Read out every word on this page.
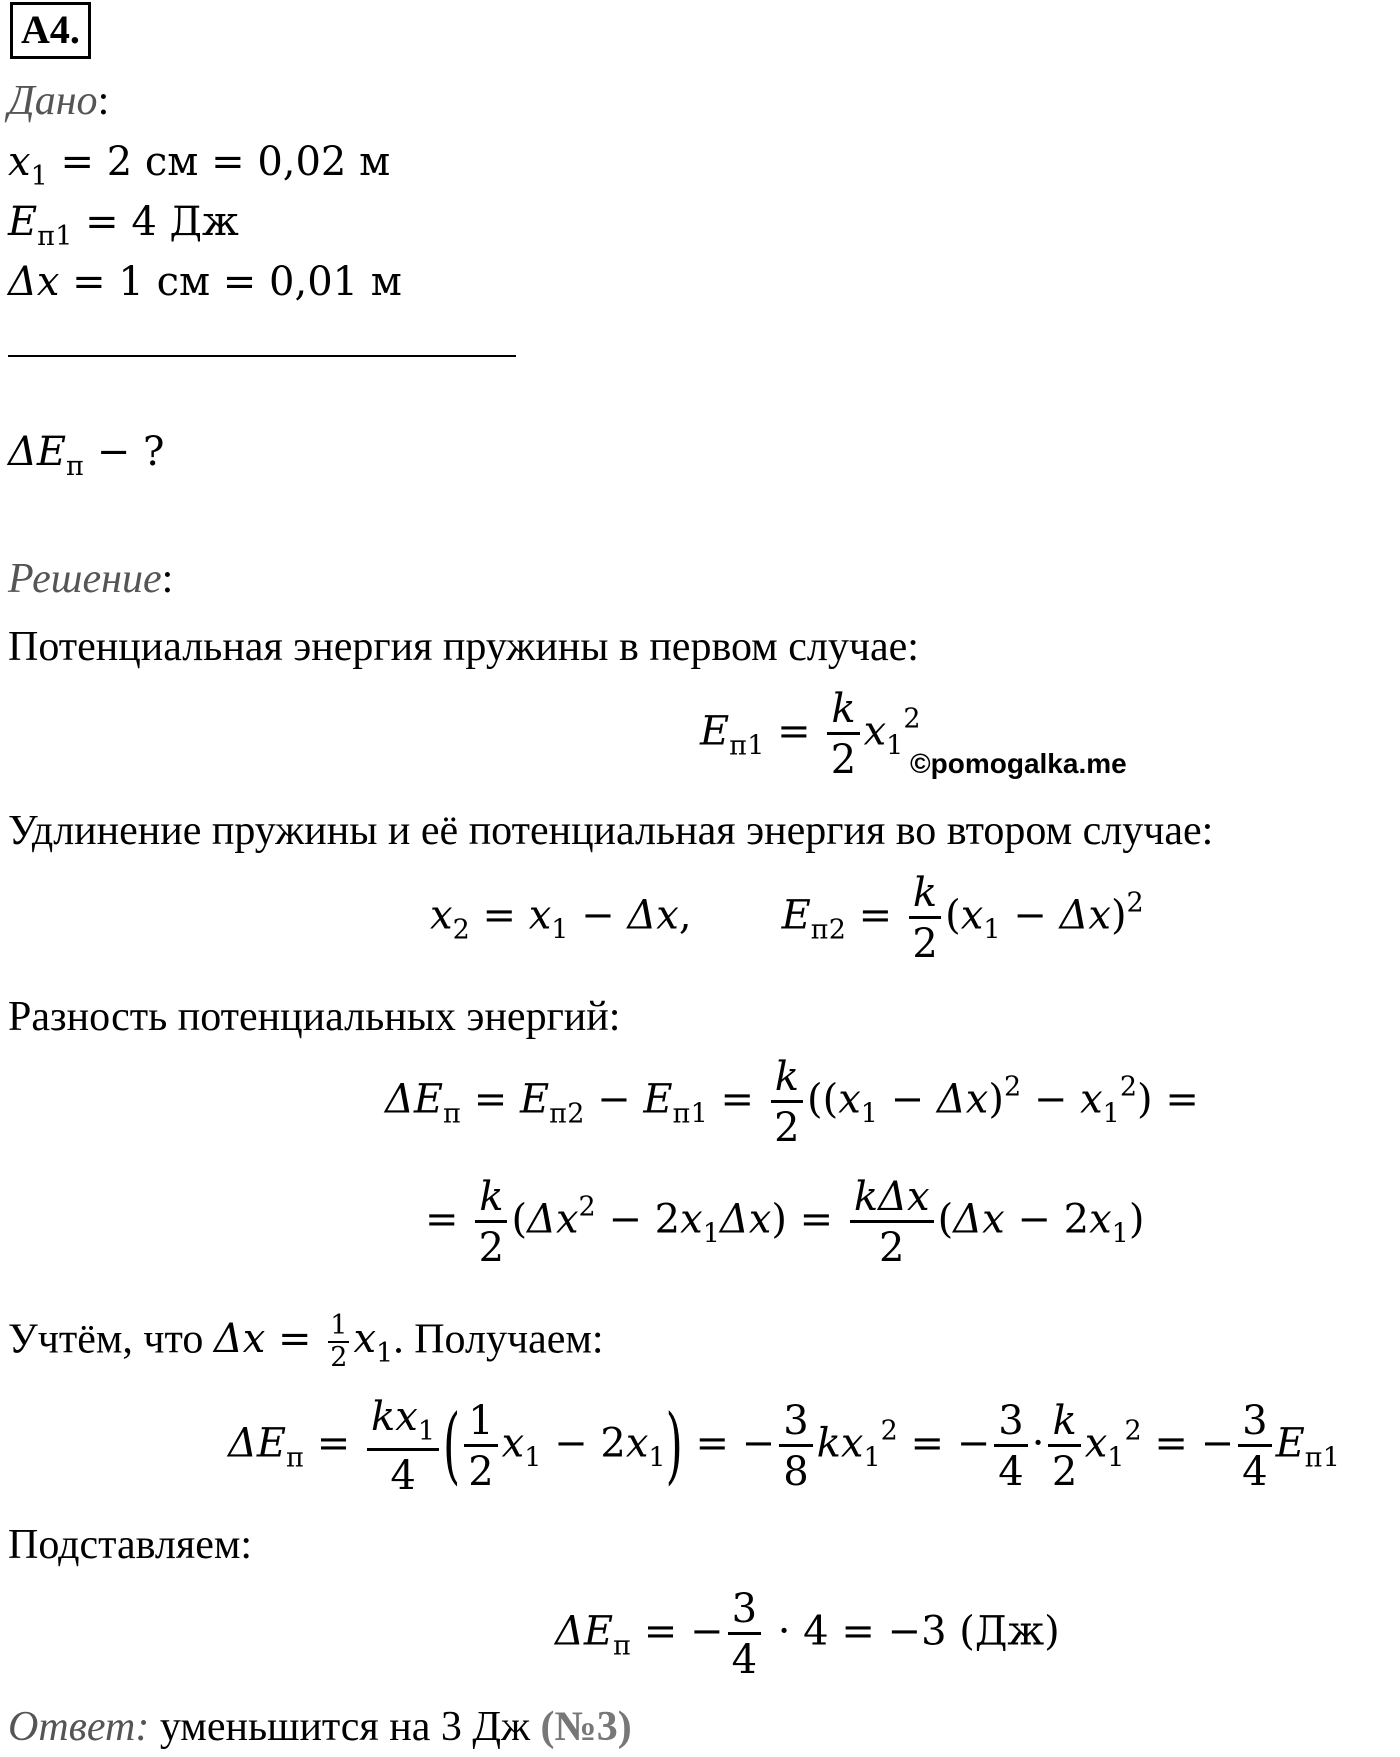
А4.
Дано:
$x_1 = 2$ см = 0,02 м
$E_{п1} = 4$ Дж
Δx = 1 см = 0,01 м
$\Delta E_п$ − ?
Решение:
Потенциальная энергия пружины в первом случае:
$E_{п1} = \frac{k}{2} x_1^2$
©pomogalka.me
Удлинение пружины и её потенциальная энергия во втором случае:
$x_2 = x_1 - \Delta x$, $E_{п2} = \frac{k}{2} (x_1 - \Delta x)^2$
Разность потенциальных энергий:
$\Delta E_п = E_{п2} - E_{п1} = \frac{k}{2} ((x_1 - \Delta x)^2 - x_1^2)$ =
= $\frac{k}{2} (\Delta x^2 - 2x_1\Delta x) = \frac{\text{kΔx}}{2} (\Delta x - 2x_1)$
Учтём, что $\Delta x = \frac{1}{2} x_1$. Получаем:
$\Delta E_п = \frac{kx_1}{4}$ ( $\frac{1}{2} x_1 - 2x_1$) = − $\frac{3}{8} kx_1^2$ = − $\frac{3}{4} \cdot \frac{k}{2} x_1^2$ = − $\frac{3}{4} E_{п1}$
Подставляем:
$\Delta E_п$ = − $\frac{3}{4} \cdot 4 = -3$ (Дж)
Ответ: уменьшится на 3 Дж (№3)
